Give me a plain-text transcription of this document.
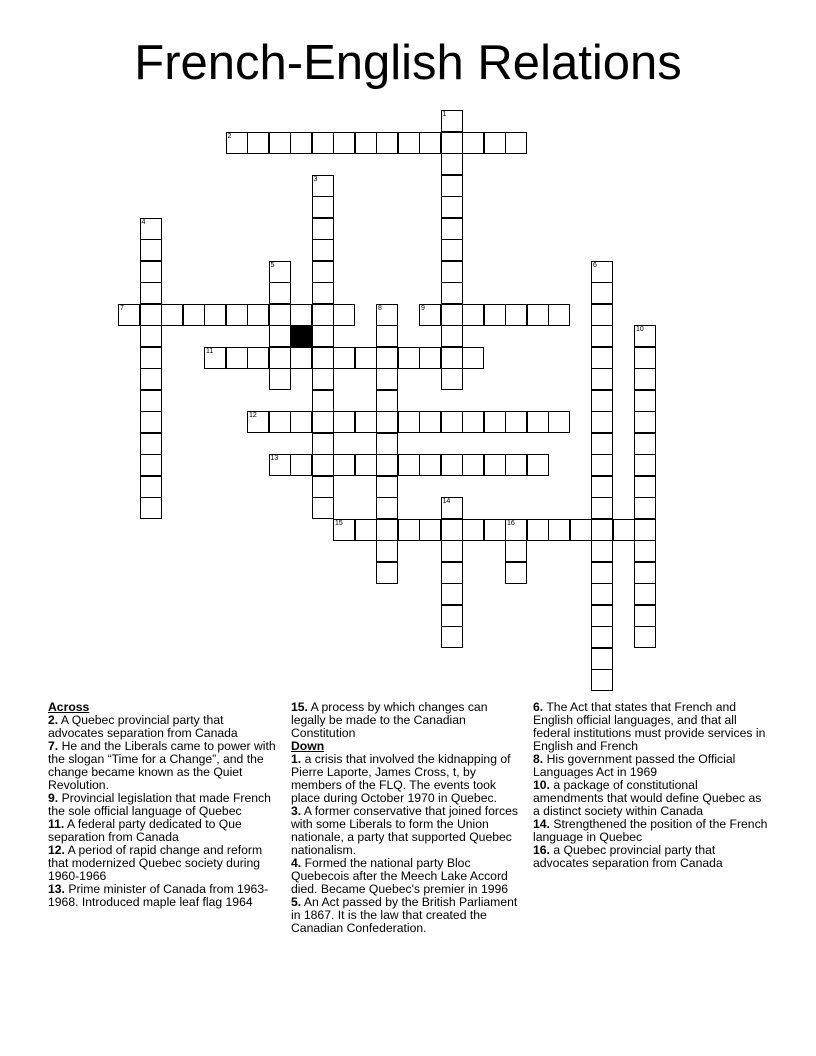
French-English Relations
1
2
3
4
5	6
7	8	9
10
11
12
13
14
15	16
Across

2. A Quebec provincial party that advocates separation from Canada

7. He and the Liberals came to power with the slogan “Time for a Change”, and the change became known as the Quiet Revolution.

9. Provincial legislation that made French the sole official language of Quebec

11. A federal party dedicated to Que separation from Canada

12. A period of rapid change and reform that modernized Quebec society during 1960-1966

13. Prime minister of Canada from 1963-1968. Introduced maple leaf flag 1964

15. A process by which changes can legally be made to the Canadian Constitution

Down

1. a crisis that involved the kidnapping of Pierre Laporte, James Cross, t, by members of the FLQ. The events took place during October 1970 in Quebec.

3. A former conservative that joined forces with some Liberals to form the Union nationale, a party that supported Quebec nationalism.

4. Formed the national party Bloc Quebecois after the Meech Lake Accord died. Became Quebec's premier in 1996

5. An Act passed by the British Parliament in 1867. It is the law that created the Canadian Confederation.

6. The Act that states that French and English official languages, and that all federal institutions must provide services in English and French

8. His government passed the Official Languages Act in 1969

10. a package of constitutional amendments that would define Quebec as a distinct society within Canada

14. Strengthened the position of the French language in Quebec

16. a Quebec provincial party that advocates separation from Canada
